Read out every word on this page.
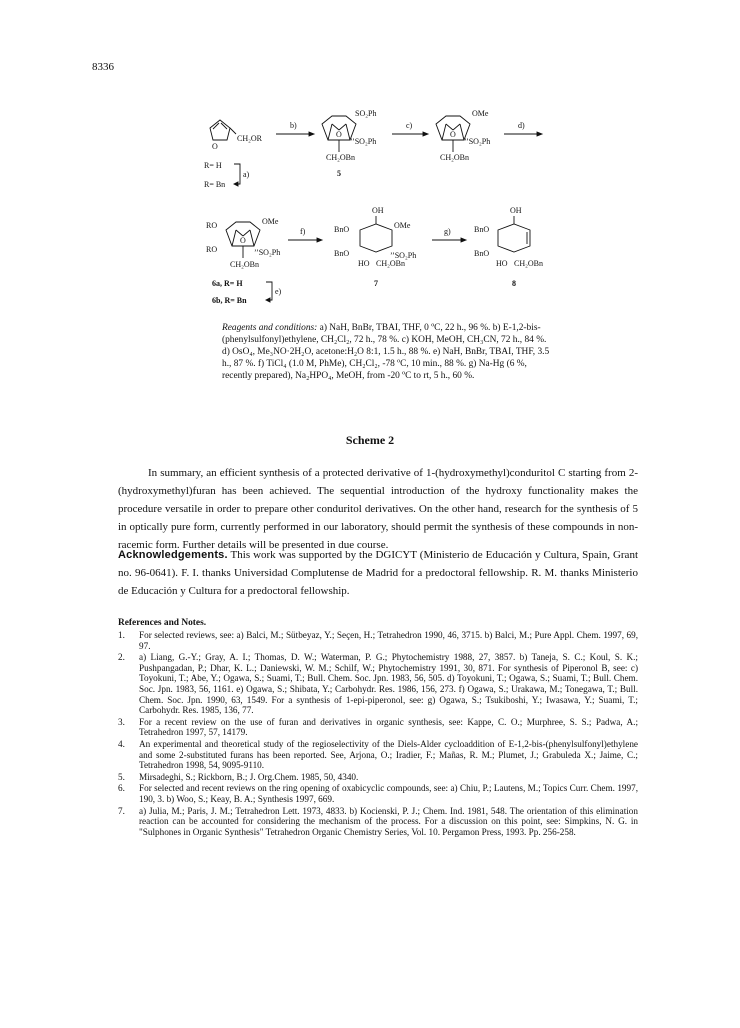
8336
O
CH₂OR
R= H
R= Bn
a)
b)
O
SO₂Ph
’’SO₂Ph
CH₂OBn
5
c)
O
OMe
’’SO₂Ph
CH₂OBn
d)
RO
RO
O
OMe
’’SO₂Ph
CH₂OBn
6a, R= H
6b, R= Bn
e)
f)
OH
BnO	OMe
BnO	’’SO₂Ph
HO CH₂OBn
7
g)
OH
BnO
BnO
HO CH₂OBn
8
Reagents and conditions: a) NaH, BnBr, TBAI, THF, 0 ºC, 22 h., 96 %. b) E-1,2-bis-(phenylsulfonyl)ethylene, CH₂Cl₂, 72 h., 78 %. c) KOH, MeOH, CH₃CN, 72 h., 84 %. d) OsO₄, Me₃NO·2H₂O, acetone:H₂O 8:1, 1.5 h., 88 %. e) NaH, BnBr, TBAI, THF, 3.5 h., 87 %. f) TiCl₄ (1.0 M, PhMe), CH₂Cl₂, -78 ºC, 10 min., 88 %. g) Na-Hg (6 %, recently prepared), Na₂HPO₄, MeOH, from -20 ºC to rt, 5 h., 60 %.
Scheme 2
In summary, an efficient synthesis of a protected derivative of 1-(hydroxymethyl)conduritol C starting from 2-(hydroxymethyl)furan has been achieved. The sequential introduction of the hydroxy functionality makes the procedure versatile in order to prepare other conduritol derivatives. On the other hand, research for the synthesis of 5 in optically pure form, currently performed in our laboratory, should permit the synthesis of these compounds in non-racemic form. Further details will be presented in due course.
Acknowledgements. This work was supported by the DGICYT (Ministerio de Educación y Cultura, Spain, Grant no. 96-0641). F. I. thanks Universidad Complutense de Madrid for a predoctoral fellowship. R. M. thanks Ministerio de Educación y Cultura for a predoctoral fellowship.
References and Notes.
1.	For selected reviews, see: a) Balci, M.; Sütbeyaz, Y.; Seçen, H.; Tetrahedron 1990, 46, 3715. b) Balci, M.; Pure Appl. Chem. 1997, 69, 97.
2.	a) Liang, G.-Y.; Gray, A. I.; Thomas, D. W.; Waterman, P. G.; Phytochemistry 1988, 27, 3857. b) Taneja, S. C.; Koul, S. K.; Pushpangadan, P.; Dhar, K. L.; Daniewski, W. M.; Schilf, W.; Phytochemistry 1991, 30, 871. For synthesis of Piperonol B, see: c) Toyokuni, T.; Abe, Y.; Ogawa, S.; Suami, T.; Bull. Chem. Soc. Jpn. 1983, 56, 505. d) Toyokuni, T.; Ogawa, S.; Suami, T.; Bull. Chem. Soc. Jpn. 1983, 56, 1161. e) Ogawa, S.; Shibata, Y.; Carbohydr. Res. 1986, 156, 273. f) Ogawa, S.; Urakawa, M.; Tonegawa, T.; Bull. Chem. Soc. Jpn. 1990, 63, 1549. For a synthesis of 1-epi-piperonol, see: g) Ogawa, S.; Tsukiboshi, Y.; Iwasawa, Y.; Suami, T.; Carbohydr. Res. 1985, 136, 77.
3.	For a recent review on the use of furan and derivatives in organic synthesis, see: Kappe, C. O.; Murphree, S. S.; Padwa, A.; Tetrahedron 1997, 57, 14179.
4.	An experimental and theoretical study of the regioselectivity of the Diels-Alder cycloaddition of E-1,2-bis-(phenylsulfonyl)ethylene and some 2-substituted furans has been reported. See, Arjona, O.; Iradier, F.; Mañas, R. M.; Plumet, J.; Grabuleda X.; Jaime, C.; Tetrahedron 1998, 54, 9095-9110.
5.	Mirsadeghi, S.; Rickborn, B.; J. Org.Chem. 1985, 50, 4340.
6.	For selected and recent reviews on the ring opening of oxabicyclic compounds, see: a) Chiu, P.; Lautens, M.; Topics Curr. Chem. 1997, 190, 3. b) Woo, S.; Keay, B. A.; Synthesis 1997, 669.
7.	a) Julia, M.; Paris, J. M.; Tetrahedron Lett. 1973, 4833. b) Kocienski, P. J.; Chem. Ind. 1981, 548. The orientation of this elimination reaction can be accounted for considering the mechanism of the process. For a discussion on this point, see: Simpkins, N. G. in "Sulphones in Organic Synthesis" Tetrahedron Organic Chemistry Series, Vol. 10. Pergamon Press, 1993. Pp. 256-258.
